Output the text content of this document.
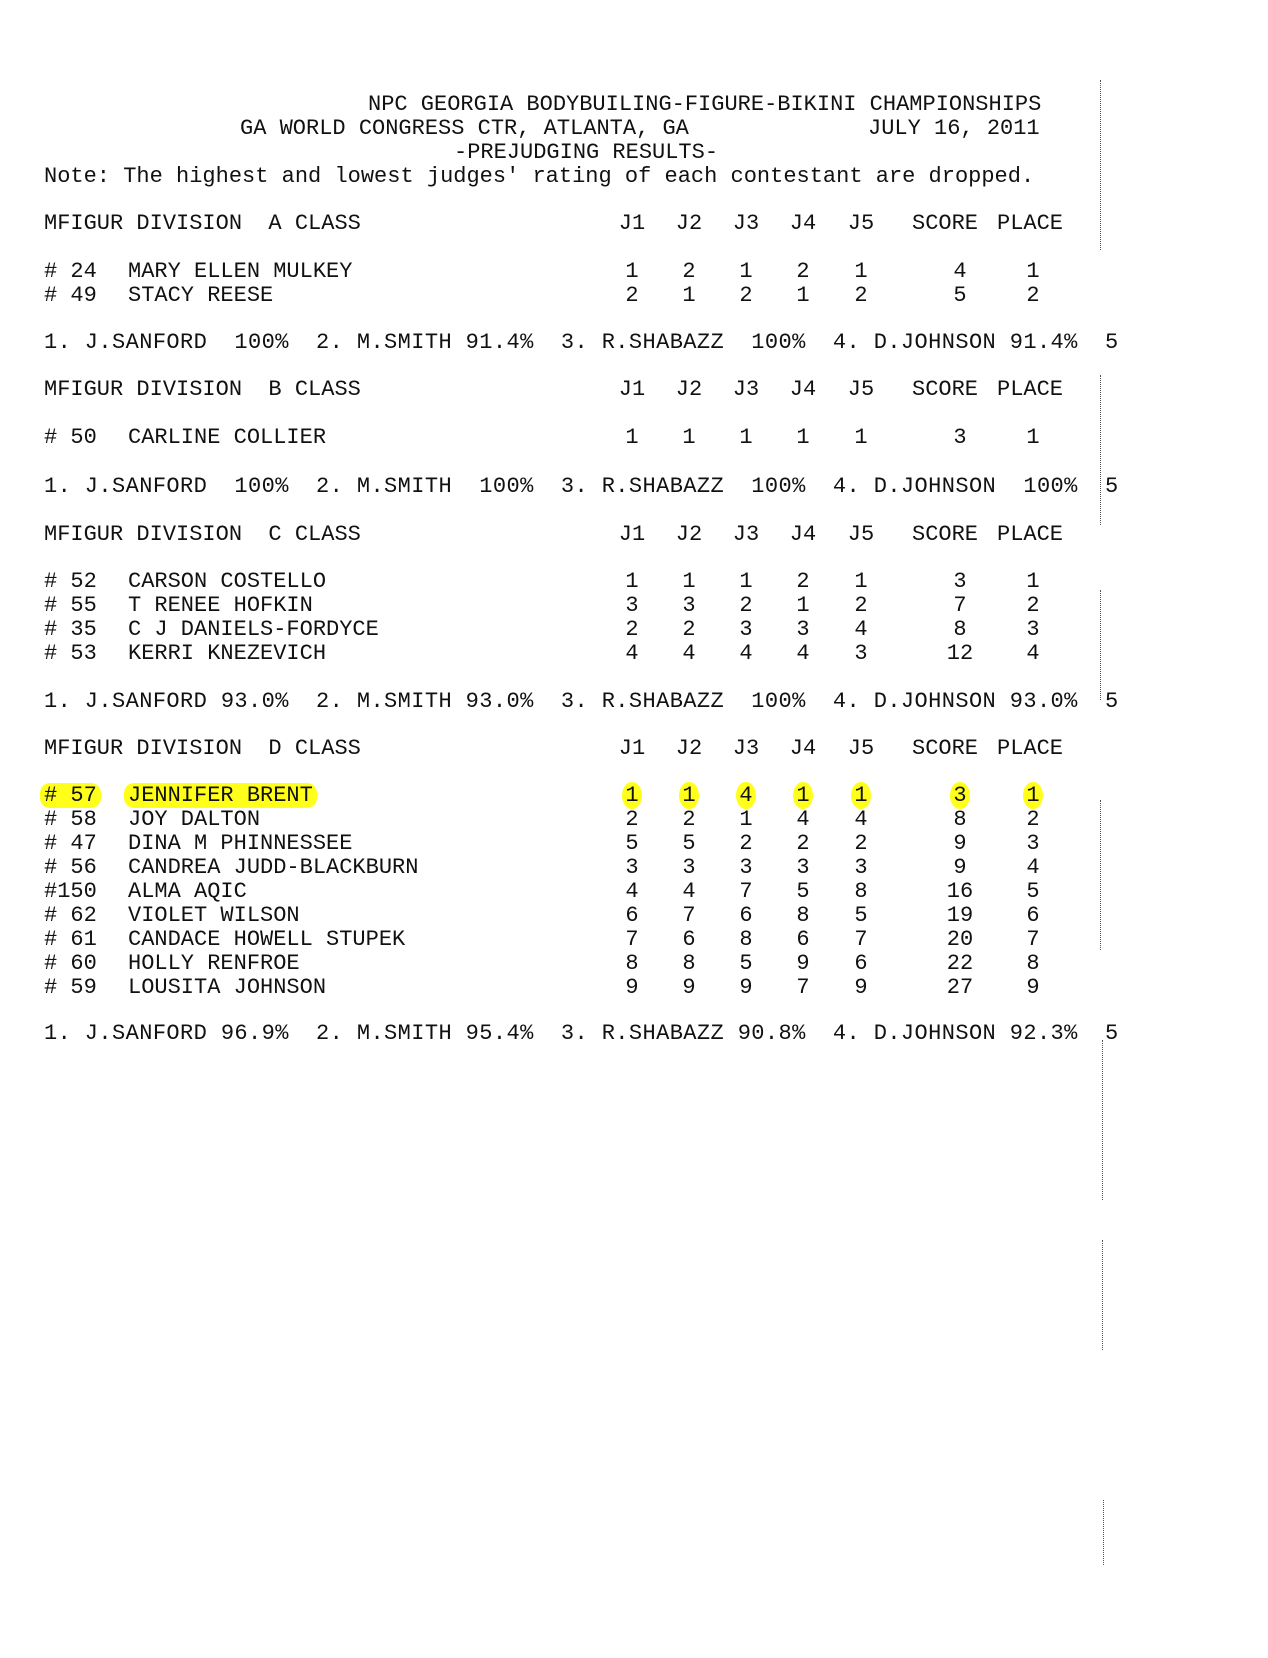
NPC GEORGIA BODYBUILING-FIGURE-BIKINI CHAMPIONSHIPS
GA WORLD CONGRESS CTR, ATLANTA, GA	JULY 16, 2011
-PREJUDGING RESULTS-
Note: The highest and lowest judges' rating of each contestant are dropped.
MFIGUR DIVISION  A CLASS	J1	J2	J3	J4	J5	SCORE PLACE
# 24 MARY ELLEN MULKEY	1	2	1	2	1	4	1
# 49 STACY REESE	2	1	2	1	2	5	2
1. J.SANFORD  100%  2. M.SMITH 91.4%  3. R.SHABAZZ  100%  4. D.JOHNSON 91.4%  5
MFIGUR DIVISION  B CLASS	J1	J2	J3	J4	J5	SCORE PLACE
# 50 CARLINE COLLIER	1	1	1	1	1	3	1
1. J.SANFORD  100%  2. M.SMITH  100%  3. R.SHABAZZ  100%  4. D.JOHNSON  100%  5
MFIGUR DIVISION  C CLASS	J1	J2	J3	J4	J5	SCORE PLACE
# 52 CARSON COSTELLO	1	1	1	2	1	3	1
# 55 T RENEE HOFKIN	3	3	2	1	2	7	2
# 35 C J DANIELS-FORDYCE	2	2	3	3	4	8	3
# 53 KERRI KNEZEVICH	4	4	4	4	3	12	4
1. J.SANFORD 93.0%  2. M.SMITH 93.0%  3. R.SHABAZZ  100%  4. D.JOHNSON 93.0%  5
MFIGUR DIVISION  D CLASS	J1	J2	J3	J4	J5	SCORE PLACE
# 57 JENNIFER BRENT	1	1	4	1	1	3	1
# 58 JOY DALTON	2	2	1	4	4	8	2
# 47 DINA M PHINNESSEE	5	5	2	2	2	9	3
# 56 CANDREA JUDD-BLACKBURN	3	3	3	3	3	9	4
#150 ALMA AQIC	4	4	7	5	8	16	5
# 62 VIOLET WILSON	6	7	6	8	5	19	6
# 61 CANDACE HOWELL STUPEK	7	6	8	6	7	20	7
# 60 HOLLY RENFROE	8	8	5	9	6	22	8
# 59 LOUSITA JOHNSON	9	9	9	7	9	27	9
1. J.SANFORD 96.9%  2. M.SMITH 95.4%  3. R.SHABAZZ 90.8%  4. D.JOHNSON 92.3%  5
